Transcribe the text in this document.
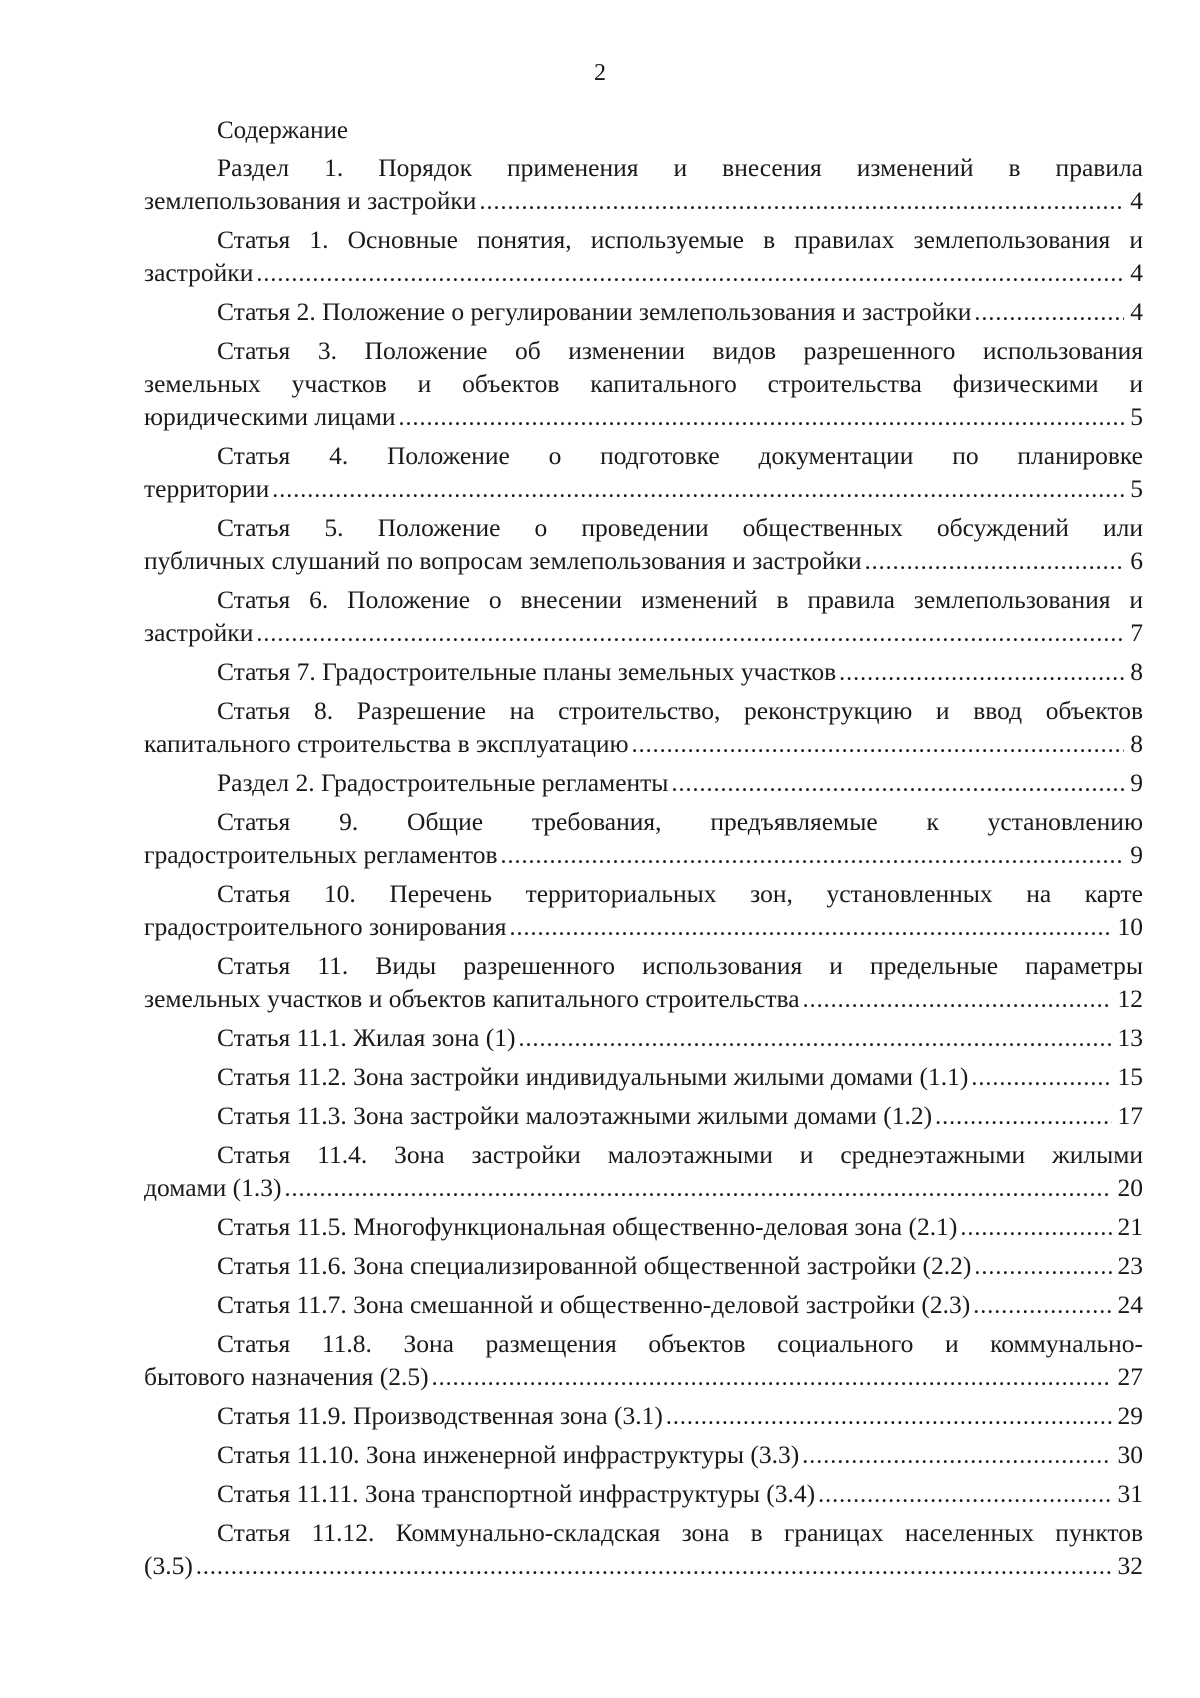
2
Содержание
Раздел 1. Порядок применения и внесения изменений в правила
землепользования и застройки .....	4
Статья 1. Основные понятия, используемые в правилах землепользования и
застройки .....	4
Статья 2. Положение о регулировании землепользования и застройки .....	4
Статья 3. Положение об изменении видов разрешенного использования
земельных участков и объектов капитального строительства физическими и
юридическими лицами .....	5
Статья 4. Положение о подготовке документации по планировке
территории .....	5
Статья 5. Положение о проведении общественных обсуждений или
публичных слушаний по вопросам землепользования и застройки .....	6
Статья 6. Положение о внесении изменений в правила землепользования и
застройки .....	7
Статья 7. Градостроительные планы земельных участков .....	8
Статья 8. Разрешение на строительство, реконструкцию и ввод объектов
капитального строительства в эксплуатацию .....	8
Раздел 2. Градостроительные регламенты .....	9
Статья 9. Общие требования, предъявляемые к установлению
градостроительных регламентов .....	9
Статья 10. Перечень территориальных зон, установленных на карте
градостроительного зонирования .....	10
Статья 11. Виды разрешенного использования и предельные параметры
земельных участков и объектов капитального строительства .....	12
Статья 11.1. Жилая зона (1) .....	13
Статья 11.2. Зона застройки индивидуальными жилыми домами (1.1) .....	15
Статья 11.3. Зона застройки малоэтажными жилыми домами (1.2) .....	17
Статья 11.4. Зона застройки малоэтажными и среднеэтажными жилыми
домами (1.3) .....	20
Статья 11.5. Многофункциональная общественно-деловая зона (2.1) .....	21
Статья 11.6. Зона специализированной общественной застройки (2.2) .....	23
Статья 11.7. Зона смешанной и общественно-деловой застройки (2.3) .....	24
Статья 11.8. Зона размещения объектов социального и коммунально-
бытового назначения (2.5) .....	27
Статья 11.9. Производственная зона (3.1) .....	29
Статья 11.10. Зона инженерной инфраструктуры (3.3) .....	30
Статья 11.11. Зона транспортной инфраструктуры (3.4) .....	31
Статья 11.12. Коммунально-складская зона в границах населенных пунктов
(3.5) .....	32
